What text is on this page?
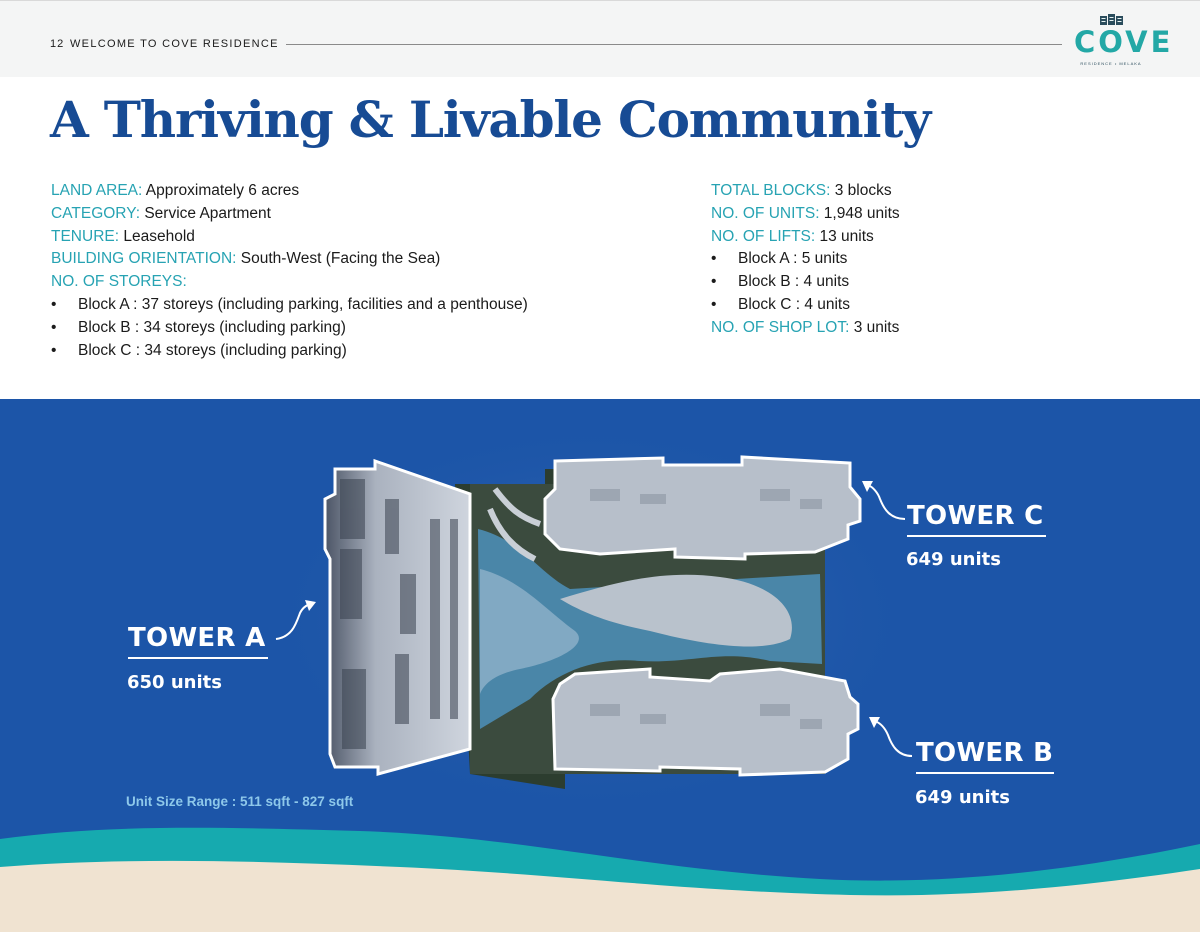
12 WELCOME TO COVE RESIDENCE	COVE
RESIDENCE • MELAKA
A Thriving & Livable Community
LAND AREA: Approximately 6 acres
CATEGORY: Service Apartment
TENURE: Leasehold
BUILDING ORIENTATION: South-West (Facing the Sea)
NO. OF STOREYS:
• Block A : 37 storeys (including parking, facilities and a penthouse)
• Block B : 34 storeys (including parking)
• Block C : 34 storeys (including parking)
TOTAL BLOCKS: 3 blocks
NO. OF UNITS: 1,948 units
NO. OF LIFTS: 13 units
• Block A : 5 units
• Block B : 4 units
• Block C : 4 units
NO. OF SHOP LOT: 3 units
TOWER A
650 units
TOWER C
649 units
TOWER B
649 units
Unit Size Range : 511 sqft - 827 sqft
